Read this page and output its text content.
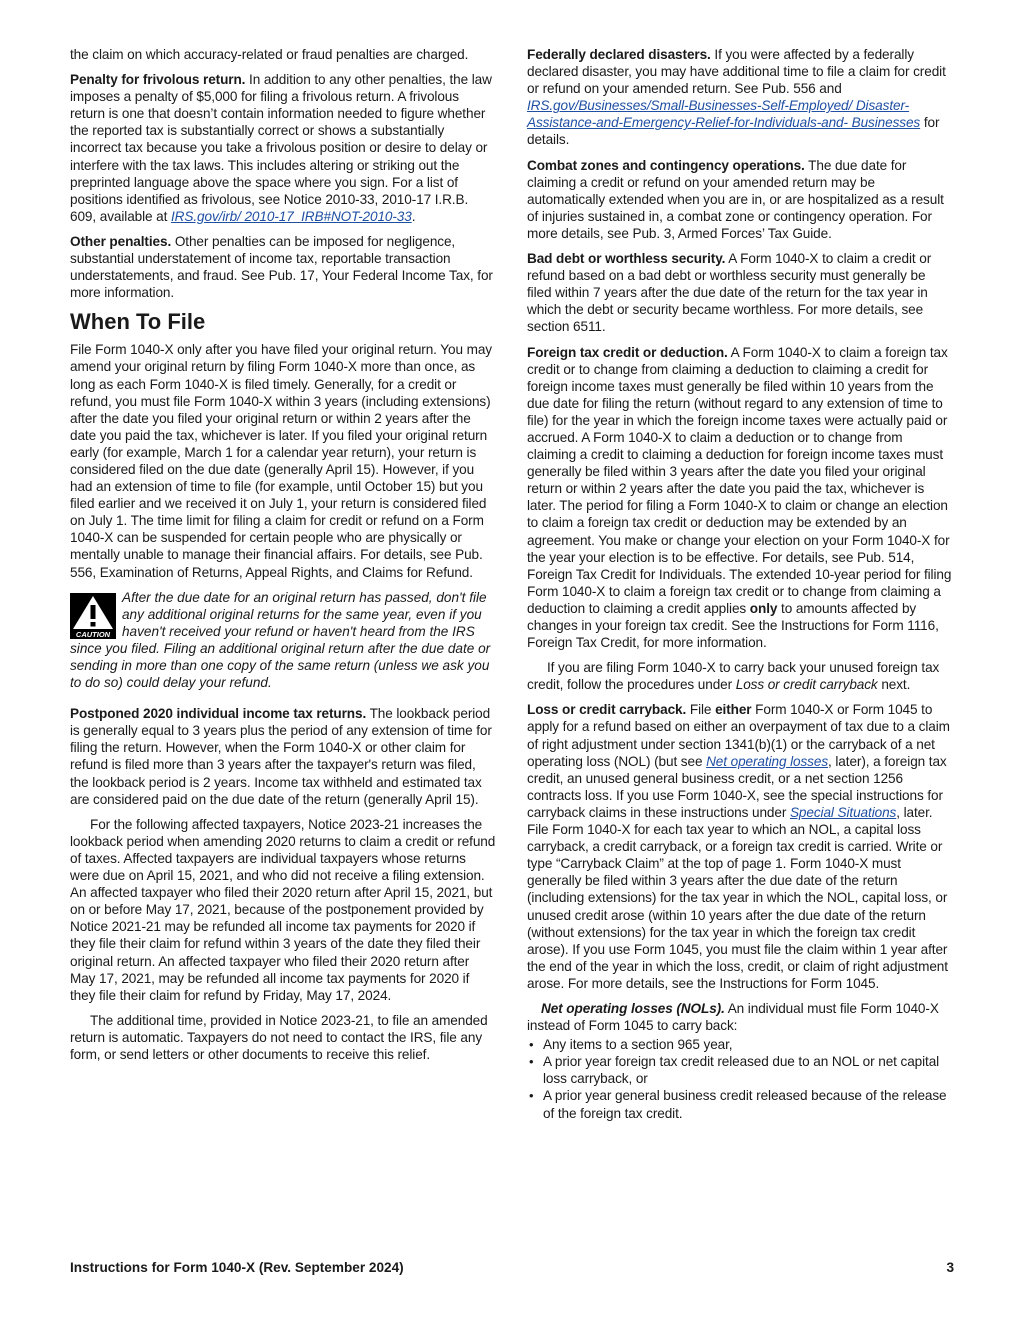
the claim on which accuracy-related or fraud penalties are charged.

Penalty for frivolous return. In addition to any other penalties, the law imposes a penalty of $5,000 for filing a frivolous return. A frivolous return is one that doesn’t contain information needed to figure whether the reported tax is substantially correct or shows a substantially incorrect tax because you take a frivolous position or desire to delay or interfere with the tax laws. This includes altering or striking out the preprinted language above the space where you sign. For a list of positions identified as frivolous, see Notice 2010-33, 2010-17 I.R.B. 609, available at IRS.gov/irb/ 2010-17_IRB#NOT-2010-33.

Other penalties. Other penalties can be imposed for negligence, substantial understatement of income tax, reportable transaction understatements, and fraud. See Pub. 17, Your Federal Income Tax, for more information.

When To File

File Form 1040-X only after you have filed your original return. You may amend your original return by filing Form 1040-X more than once, as long as each Form 1040-X is filed timely. Generally, for a credit or refund, you must file Form 1040-X within 3 years (including extensions) after the date you filed your original return or within 2 years after the date you paid the tax, whichever is later. If you filed your original return early (for example, March 1 for a calendar year return), your return is considered filed on the due date (generally April 15). However, if you had an extension of time to file (for example, until October 15) but you filed earlier and we received it on July 1, your return is considered filed on July 1. The time limit for filing a claim for credit or refund on a Form 1040-X can be suspended for certain people who are physically or mentally unable to manage their financial affairs. For details, see Pub. 556, Examination of Returns, Appeal Rights, and Claims for Refund.

CAUTION
After the due date for an original return has passed, don't file any additional original returns for the same year, even if you haven't received your refund or haven't heard from the IRS since you filed. Filing an additional original return after the due date or sending in more than one copy of the same return (unless we ask you to do so) could delay your refund.

Postponed 2020 individual income tax returns. The lookback period is generally equal to 3 years plus the period of any extension of time for filing the return. However, when the Form 1040-X or other claim for refund is filed more than 3 years after the taxpayer's return was filed, the lookback period is 2 years. Income tax withheld and estimated tax are considered paid on the due date of the return (generally April 15).

For the following affected taxpayers, Notice 2023-21 increases the lookback period when amending 2020 returns to claim a credit or refund of taxes. Affected taxpayers are individual taxpayers whose returns were due on April 15, 2021, and who did not receive a filing extension. An affected taxpayer who filed their 2020 return after April 15, 2021, but on or before May 17, 2021, because of the postponement provided by Notice 2021-21 may be refunded all income tax payments for 2020 if they file their claim for refund within 3 years of the date they filed their original return. An affected taxpayer who filed their 2020 return after May 17, 2021, may be refunded all income tax payments for 2020 if they file their claim for refund by Friday, May 17, 2024.

The additional time, provided in Notice 2023-21, to file an amended return is automatic. Taxpayers do not need to contact the IRS, file any form, or send letters or other documents to receive this relief.

Federally declared disasters. If you were affected by a federally declared disaster, you may have additional time to file a claim for credit or refund on your amended return. See Pub. 556 and IRS.gov/Businesses/Small-Businesses-Self-Employed/ Disaster-Assistance-and-Emergency-Relief-for-Individuals-and- Businesses for details.

Combat zones and contingency operations. The due date for claiming a credit or refund on your amended return may be automatically extended when you are in, or are hospitalized as a result of injuries sustained in, a combat zone or contingency operation. For more details, see Pub. 3, Armed Forces’ Tax Guide.

Bad debt or worthless security. A Form 1040-X to claim a credit or refund based on a bad debt or worthless security must generally be filed within 7 years after the due date of the return for the tax year in which the debt or security became worthless. For more details, see section 6511.

Foreign tax credit or deduction. A Form 1040-X to claim a foreign tax credit or to change from claiming a deduction to claiming a credit for foreign income taxes must generally be filed within 10 years from the due date for filing the return (without regard to any extension of time to file) for the year in which the foreign income taxes were actually paid or accrued. A Form 1040-X to claim a deduction or to change from claiming a credit to claiming a deduction for foreign income taxes must generally be filed within 3 years after the date you filed your original return or within 2 years after the date you paid the tax, whichever is later. The period for filing a Form 1040-X to claim or change an election to claim a foreign tax credit or deduction may be extended by an agreement. You make or change your election on your Form 1040-X for the year your election is to be effective. For details, see Pub. 514, Foreign Tax Credit for Individuals. The extended 10-year period for filing Form 1040-X to claim a foreign tax credit or to change from claiming a deduction to claiming a credit applies only to amounts affected by changes in your foreign tax credit. See the Instructions for Form 1116, Foreign Tax Credit, for more information.

If you are filing Form 1040-X to carry back your unused foreign tax credit, follow the procedures under Loss or credit carryback next.

Loss or credit carryback. File either Form 1040-X or Form 1045 to apply for a refund based on either an overpayment of tax due to a claim of right adjustment under section 1341(b)(1) or the carryback of a net operating loss (NOL) (but see Net operating losses, later), a foreign tax credit, an unused general business credit, or a net section 1256 contracts loss. If you use Form 1040-X, see the special instructions for carryback claims in these instructions under Special Situations, later. File Form 1040-X for each tax year to which an NOL, a capital loss carryback, a credit carryback, or a foreign tax credit is carried. Write or type “Carryback Claim” at the top of page 1. Form 1040-X must generally be filed within 3 years after the due date of the return (including extensions) for the tax year in which the NOL, capital loss, or unused credit arose (within 10 years after the due date of the return (without extensions) for the tax year in which the foreign tax credit arose). If you use Form 1045, you must file the claim within 1 year after the end of the year in which the loss, credit, or claim of right adjustment arose. For more details, see the Instructions for Form 1045.

Net operating losses (NOLs). An individual must file Form 1040-X instead of Form 1045 to carry back:

• Any items to a section 965 year,
• A prior year foreign tax credit released due to an NOL or net capital loss carryback, or
• A prior year general business credit released because of the release of the foreign tax credit.
Instructions for Form 1040-X (Rev. September 2024)	3
